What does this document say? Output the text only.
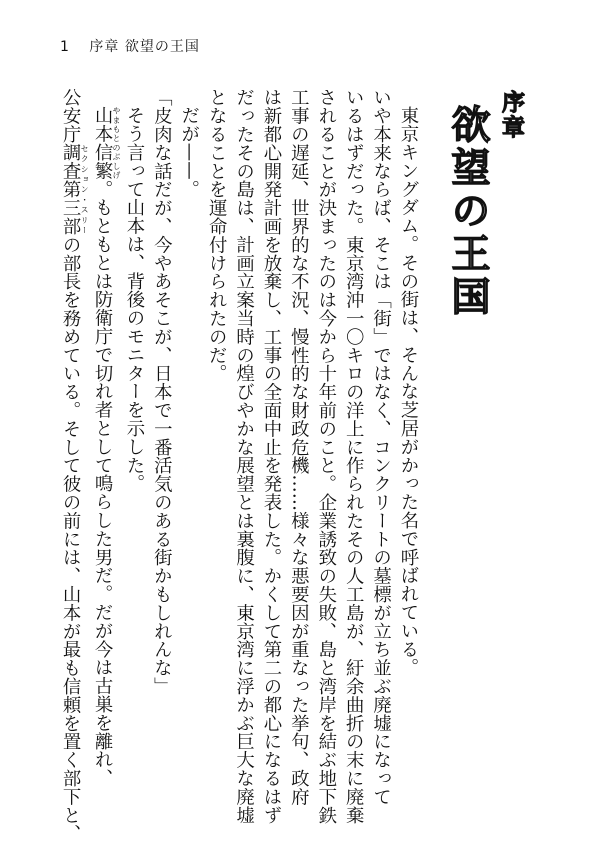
1 序章 欲望の王国
序章
欲望の王国

東京キングダム。その街は、そんな芝居がかった名で呼ばれている。

いや本来ならば、そこは「街」ではなく、コンクリートの墓標が立ち並ぶ廃墟になって

いるはずだった。東京湾沖一〇キロの洋上に作られたその人工島が、紆余曲折の末に廃棄

されることが決まったのは今から十年前のこと。企業誘致の失敗、島と湾岸を結ぶ地下鉄

工事の遅延、世界的な不況、慢性的な財政危機……様々な悪要因が重なった挙句、政府

は新都心開発計画を放棄し、工事の全面中止を発表した。かくして第二の都心になるはず

だったその島は、計画立案当時の煌びやかな展望とは裏腹に、東京湾に浮かぶ巨大な廃墟

となることを運命付けられたのだ。

だが——。

「皮肉な話だが、今やあそこが、日本で一番活気のある街かもしれんな」

そう言って山本は、背後のモニターを示した。

山本信繁 やまもとのぶしげ。もともとは防衛庁で切れ者として鳴らした男だ。だが今は古巣を離れ、

公安庁調査第三部 セクション・スリーの部長を務めている。そして彼の前には、山本が最も信頼を置く部下と、
